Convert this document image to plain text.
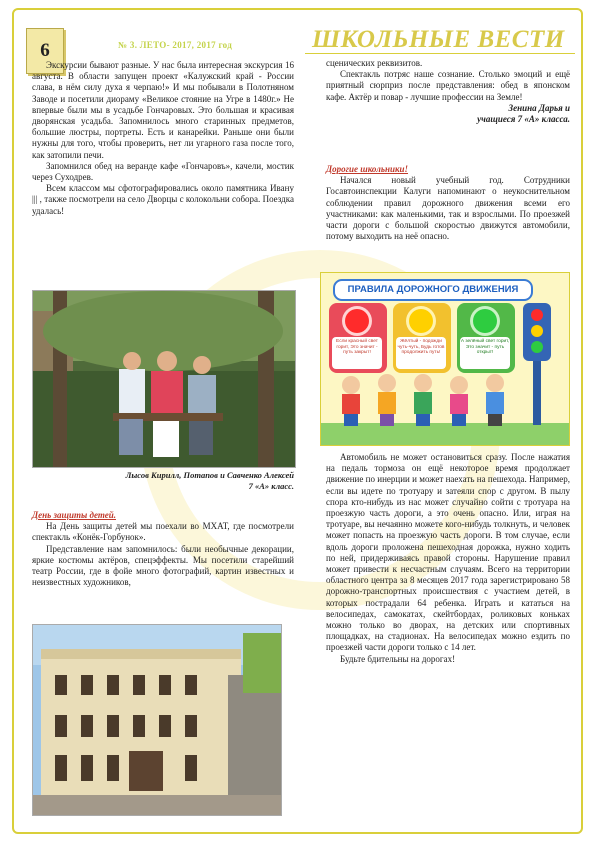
6	№ 3. ЛЕТО- 2017, 2017 год	ШКОЛЬНЫЕ ВЕСТИ

Экскурсии бывают разные. У нас была интересная экскурсия 16 августа. В области запущен проект «Калужский край - России слава, в нём силу духа я черпаю!» И мы побывали в Полотняном Заводе и посетили диораму «Великое стояние на Угре в 1480г.» Не впервые были мы в усадьбе Гончаровых. Это большая и красивая дворянская усадьба. Запомнилось много старинных предметов, большие люстры, портреты. Есть и канарейки. Раньше они были нужны для того, чтобы проверить, нет ли угарного газа после того, как затопили печи.

Запомнился обед на веранде кафе «Гончаровъ», качели, мостик через Суходрев.

Всем классом мы сфотографировались около памятника Ивану ||| , также посмотрели на село Дворцы с колокольни собора. Поездка удалась!

Лысов Кирилл, Потапов и Савченко Алексей
7 «А» класс.

День защиты детей.

На День защиты детей мы поехали во МХАТ, где посмотрели спектакль «Конёк-Горбунок».

Представление нам запомнилось: были необычные декорации, яркие костюмы актёров, спецэффекты. Мы посетили старейший театр России, где в фойе много фотографий, картин известных и неизвестных художников,

сценических реквизитов.

Спектакль потряс наше сознание. Столько эмоций и ещё приятный сюрприз после представления: обед в японском кафе. Актёр и повар - лучшие профессии на Земле!

Зенина Дарья и

учащиеся 7 «А» класса.

Дорогие школьники!

Начался новый учебный год. Сотрудники Госавтоинспекции Калуги напоминают о неукоснительном соблюдении правил дорожного движения всеми его участниками: как маленькими, так и взрослыми. По проезжей части дороги с большой скоростью движутся автомобили, потому выходить на неё опасно.

ПРАВИЛА ДОРОЖНОГО ДВИЖЕНИЯ
Если красный свет горит, Это значит - путь закрыт!
Жёлтый - подожди чуть-чуть, Будь готов продолжить путь!
А зелёный свет горит, Это значит - путь открыт!

Автомобиль не может остановиться сразу. После нажатия на педаль тормоза он ещё некоторое время продолжает движение по инерции и может наехать на пешехода. Например, если вы идете по тротуару и затеяли спор с другом. В пылу спора кто-нибудь из нас может случайно сойти с тротуара на проезжую часть дороги, а это очень опасно. Или, играя на тротуаре, вы нечаянно можете кого-нибудь толкнуть, и человек может попасть на проезжую часть дороги. В том случае, если вдоль дороги проложена пешеходная дорожка, нужно ходить по ней, придерживаясь правой стороны. Нарушение правил может привести к несчастным случаям. Всего на территории областного центра за 8 месяцев 2017 года зарегистрировано 58 дорожно-транспортных происшествия с участием детей, в которых пострадали 64 ребенка. Играть и кататься на велосипедах, самокатах, скейтбордах, роликовых коньках можно только во дворах, на детских или спортивных площадках, на стадионах. На велосипедах можно ездить по проезжей части дороги только с 14 лет.

Будьте бдительны на дорогах!
